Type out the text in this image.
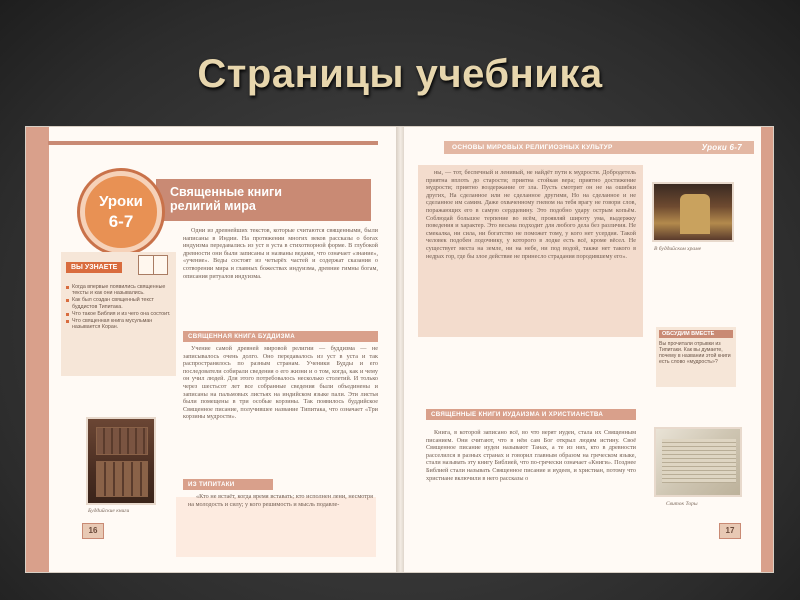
Страницы учебника
Священные книги
религий мира
Уроки
6-7
ВЫ УЗНАЕТЕ
Когда впервые появились священные тексты и как они назывались.
Как был создан священный текст буддистов Типитака.
Что такое Библия и из чего она состоит.
Что священная книга мусульман называется Коран.

Одни из древнейших текстов, которые считаются священными, были написаны в Индии. На протяжении многих веков рассказы о богах индуизма передавались из уст в уста в стихотворной форме. В глубокой древности они были записаны и названы ведами, что означает «знание», «учение». Веды состоят из четырёх частей и содержат сказания о сотворении мира и главных божествах индуизма, древние гимны богам, описания ритуалов индуизма.

СВЯЩЕННАЯ КНИГА БУДДИЗМА

Учение самой древней мировой религии — буддизма — не записывалось очень долго. Оно передавалось из уст в уста и так распространялось по разным странам. Ученики Будды и его последователи собирали сведения о его жизни и о том, когда, как и чему он учил людей. Для этого потребовалось несколько столетий. И только через шестьсот лет все собранные сведения были объединены и записаны на пальмовых листьях на индийском языке пали. Эти листья были помещены в три особые корзины. Так появилось буддийское Священное писание, получившее название Типитака, что означает «Три корзины мудрости».

Буддийские книги
ИЗ ТИПИТАКИ

«Кто не встаёт, когда время вставать; кто исполнен лени, несмотря на молодость и силу; у кого решимость и мысль подавле-

16
ОСНОВЫ МИРОВЫХ РЕЛИГИОЗНЫХ КУЛЬТУР	Уроки 6-7

ны, — тот, беспечный и ленивый, не найдёт пути к мудрости. Добродетель приятна вплоть до старости; приятна стойкая вера; приятно достижение мудрости; приятно воздержание от зла. Пусть смотрит он не на ошибки других, На сделанное или не сделанное другими, Но на сделанное и не сделанное им самим. Даже охваченному гневом на тебя врагу не говори слов, поражающих его в самую сердцевину. Это подобно удару острым копьём. Соблюдай большое терпение во всём, проявляй широту ума, выдержку поведения и характер. Это весьма подходит для любого дела без различия. Не смекалка, ни сила, ни богатство не поможет тому, у кого нет усердия. Такой человек подобен лодочнику, у которого в лодке есть всё, кроме вёсел. Не существует места на земле, ни на небе, ни под водой, также нет такого в недрах гор, где бы злое действие не принесло страдания породившему его».

В буддийском храме
ОБСУДИМ ВМЕСТЕ
Вы прочитали отрывки из Типитаки. Как вы думаете, почему в названии этой книги есть слово «мудрость»?
СВЯЩЕННЫЕ КНИГИ ИУДАИЗМА И ХРИСТИАНСТВА

Книга, в которой записано всё, во что верят иудеи, стала их Священным писанием. Они считают, что в нём сам Бог открыл людям истину. Своё Священное писание иудеи называют Танах, а те из них, кто в древности расселился в разных странах и говорил главным образом на греческом языке, стали называть эту книгу Библией, что по-гречески означает «Книги». Позднее Библией стали называть Священное писание и иудеев, и христиан, потому что христиане включили в него рассказы о

Свиток Торы
17
